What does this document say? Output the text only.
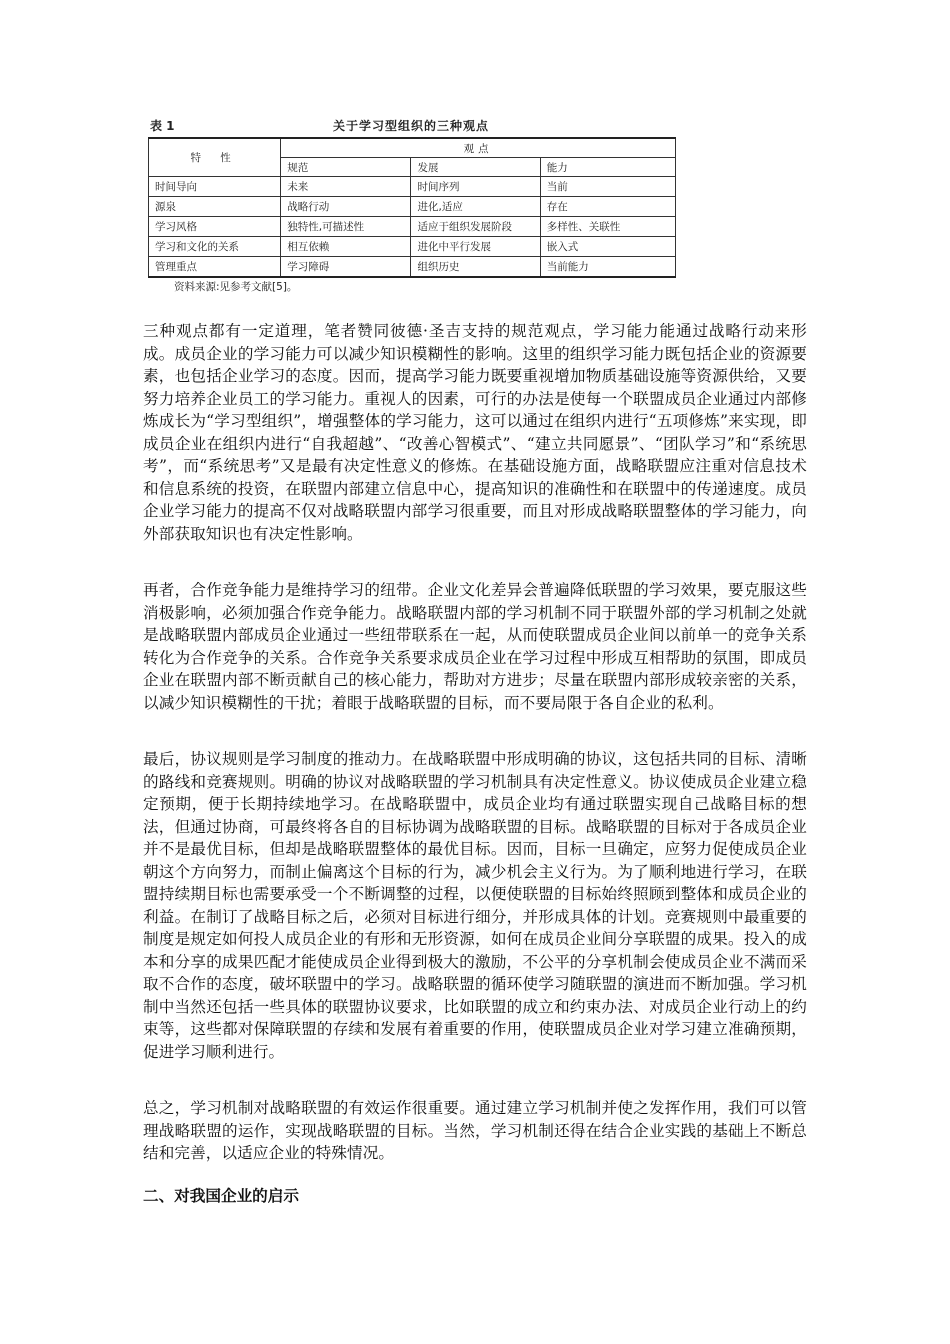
表 1	关于学习型组织的三种观点
特 性	观点		
	规范	发展	能力
时间导向	未来	时间序列	当前
源泉	战略行动	进化,适应	存在
学习风格	独特性,可描述性	适应于组织发展阶段	多样性、关联性
学习和文化的关系	相互依赖	进化中平行发展	嵌入式
管理重点	学习障碍	组织历史	当前能力
资料来源:见参考文献[5]。

三种观点都有一定道理，笔者赞同彼德·圣吉支持的规范观点，学习能力能通过战略行动来形成。成员企业的学习能力可以减少知识模糊性的影响。这里的组织学习能力既包括企业的资源要素，也包括企业学习的态度。因而，提高学习能力既要重视增加物质基础设施等资源供给，又要努力培养企业员工的学习能力。重视人的因素，可行的办法是使每一个联盟成员企业通过内部修炼成长为“学习型组织”，增强整体的学习能力，这可以通过在组织内进行“五项修炼”来实现，即成员企业在组织内进行“自我超越”、“改善心智模式”、“建立共同愿景”、“团队学习”和“系统思考”，而“系统思考”又是最有决定性意义的修炼。在基础设施方面，战略联盟应注重对信息技术和信息系统的投资，在联盟内部建立信息中心，提高知识的准确性和在联盟中的传递速度。成员企业学习能力的提高不仅对战略联盟内部学习很重要，而且对形成战略联盟整体的学习能力，向外部获取知识也有决定性影响。

再者，合作竞争能力是维持学习的纽带。企业文化差异会普遍降低联盟的学习效果，要克服这些消极影响，必须加强合作竞争能力。战略联盟内部的学习机制不同于联盟外部的学习机制之处就是战略联盟内部成员企业通过一些纽带联系在一起，从而使联盟成员企业间以前单一的竞争关系转化为合作竞争的关系。合作竞争关系要求成员企业在学习过程中形成互相帮助的氛围，即成员企业在联盟内部不断贡献自己的核心能力，帮助对方进步；尽量在联盟内部形成较亲密的关系，以减少知识模糊性的干扰；着眼于战略联盟的目标，而不要局限于各自企业的私利。

最后，协议规则是学习制度的推动力。在战略联盟中形成明确的协议，这包括共同的目标、清晰的路线和竞赛规则。明确的协议对战略联盟的学习机制具有决定性意义。协议使成员企业建立稳定预期，便于长期持续地学习。在战略联盟中，成员企业均有通过联盟实现自己战略目标的想法，但通过协商，可最终将各自的目标协调为战略联盟的目标。战略联盟的目标对于各成员企业并不是最优目标，但却是战略联盟整体的最优目标。因而，目标一旦确定，应努力促使成员企业朝这个方向努力，而制止偏离这个目标的行为，减少机会主义行为。为了顺利地进行学习，在联盟持续期目标也需要承受一个不断调整的过程，以便使联盟的目标始终照顾到整体和成员企业的利益。在制订了战略目标之后，必须对目标进行细分，并形成具体的计划。竞赛规则中最重要的制度是规定如何投人成员企业的有形和无形资源，如何在成员企业间分享联盟的成果。投入的成本和分享的成果匹配才能使成员企业得到极大的激励，不公平的分享机制会使成员企业不满而采取不合作的态度，破坏联盟中的学习。战略联盟的循环使学习随联盟的演进而不断加强。学习机制中当然还包括一些具体的联盟协议要求，比如联盟的成立和约束办法、对成员企业行动上的约束等，这些都对保障联盟的存续和发展有着重要的作用，使联盟成员企业对学习建立准确预期，促进学习顺利进行。

总之，学习机制对战略联盟的有效运作很重要。通过建立学习机制并使之发挥作用，我们可以管理战略联盟的运作，实现战略联盟的目标。当然，学习机制还得在结合企业实践的基础上不断总结和完善，以适应企业的特殊情况。

二、对我国企业的启示
